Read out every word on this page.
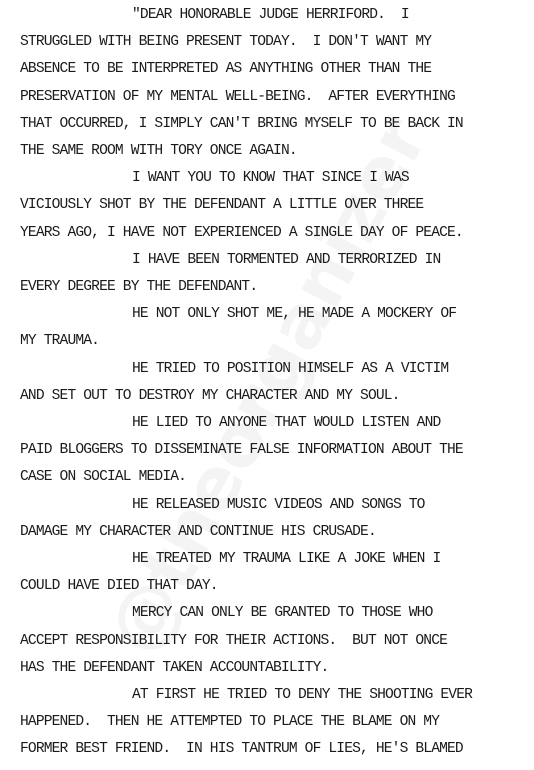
"DEAR HONORABLE JUDGE HERRIFORD.  I
STRUGGLED WITH BEING PRESENT TODAY.  I DON'T WANT MY
ABSENCE TO BE INTERPRETED AS ANYTHING OTHER THAN THE
PRESERVATION OF MY MENTAL WELL-BEING.  AFTER EVERYTHING
THAT OCCURRED, I SIMPLY CAN'T BRING MYSELF TO BE BACK IN
THE SAME ROOM WITH TORY ONCE AGAIN.
I WANT YOU TO KNOW THAT SINCE I WAS
VICIOUSLY SHOT BY THE DEFENDANT A LITTLE OVER THREE
YEARS AGO, I HAVE NOT EXPERIENCED A SINGLE DAY OF PEACE.
I HAVE BEEN TORMENTED AND TERRORIZED IN
EVERY DEGREE BY THE DEFENDANT.
HE NOT ONLY SHOT ME, HE MADE A MOCKERY OF
MY TRAUMA.
HE TRIED TO POSITION HIMSELF AS A VICTIM
AND SET OUT TO DESTROY MY CHARACTER AND MY SOUL.
HE LIED TO ANYONE THAT WOULD LISTEN AND
PAID BLOGGERS TO DISSEMINATE FALSE INFORMATION ABOUT THE
CASE ON SOCIAL MEDIA.
HE RELEASED MUSIC VIDEOS AND SONGS TO
DAMAGE MY CHARACTER AND CONTINUE HIS CRUSADE.
HE TREATED MY TRAUMA LIKE A JOKE WHEN I
COULD HAVE DIED THAT DAY.
MERCY CAN ONLY BE GRANTED TO THOSE WHO
ACCEPT RESPONSIBILITY FOR THEIR ACTIONS.  BUT NOT ONCE
HAS THE DEFENDANT TAKEN ACCOUNTABILITY.
AT FIRST HE TRIED TO DENY THE SHOOTING EVER
HAPPENED.  THEN HE ATTEMPTED TO PLACE THE BLAME ON MY
FORMER BEST FRIEND.  IN HIS TANTRUM OF LIES, HE'S BLAMED
